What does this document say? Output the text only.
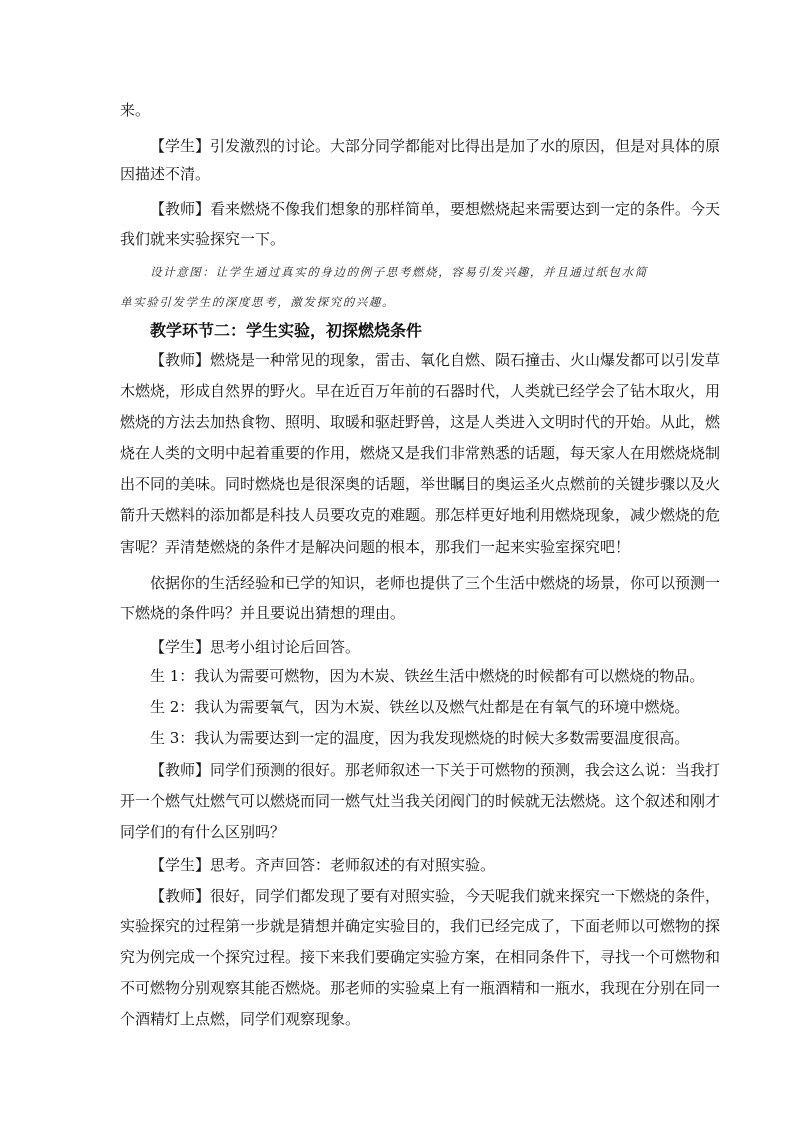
来。
【学生】引发激烈的讨论。大部分同学都能对比得出是加了水的原因，但是对具体的原
因描述不清。
【教师】看来燃烧不像我们想象的那样简单，要想燃烧起来需要达到一定的条件。今天
我们就来实验探究一下。
设计意图：让学生通过真实的身边的例子思考燃烧，容易引发兴趣，并且通过纸包水简
单实验引发学生的深度思考，激发探究的兴趣。
教学环节二：学生实验，初探燃烧条件
【教师】燃烧是一种常见的现象，雷击、氧化自燃、陨石撞击、火山爆发都可以引发草
木燃烧，形成自然界的野火。早在近百万年前的石器时代，人类就已经学会了钻木取火，用
燃烧的方法去加热食物、照明、取暖和驱赶野兽，这是人类进入文明时代的开始。从此，燃
烧在人类的文明中起着重要的作用，燃烧又是我们非常熟悉的话题，每天家人在用燃烧烧制
出不同的美味。同时燃烧也是很深奥的话题，举世瞩目的奥运圣火点燃前的关键步骤以及火
箭升天燃料的添加都是科技人员要攻克的难题。那怎样更好地利用燃烧现象，减少燃烧的危
害呢？弄清楚燃烧的条件才是解决问题的根本，那我们一起来实验室探究吧！
依据你的生活经验和已学的知识，老师也提供了三个生活中燃烧的场景，你可以预测一
下燃烧的条件吗？并且要说出猜想的理由。
【学生】思考小组讨论后回答。
生 1：我认为需要可燃物，因为木炭、铁丝生活中燃烧的时候都有可以燃烧的物品。
生 2：我认为需要氧气，因为木炭、铁丝以及燃气灶都是在有氧气的环境中燃烧。
生 3：我认为需要达到一定的温度，因为我发现燃烧的时候大多数需要温度很高。
【教师】同学们预测的很好。那老师叙述一下关于可燃物的预测，我会这么说：当我打
开一个燃气灶燃气可以燃烧而同一燃气灶当我关闭阀门的时候就无法燃烧。这个叙述和刚才
同学们的有什么区别吗？
【学生】思考。齐声回答：老师叙述的有对照实验。
【教师】很好，同学们都发现了要有对照实验，今天呢我们就来探究一下燃烧的条件，
实验探究的过程第一步就是猜想并确定实验目的，我们已经完成了，下面老师以可燃物的探
究为例完成一个探究过程。接下来我们要确定实验方案，在相同条件下，寻找一个可燃物和
不可燃物分别观察其能否燃烧。那老师的实验桌上有一瓶酒精和一瓶水，我现在分别在同一
个酒精灯上点燃，同学们观察现象。
